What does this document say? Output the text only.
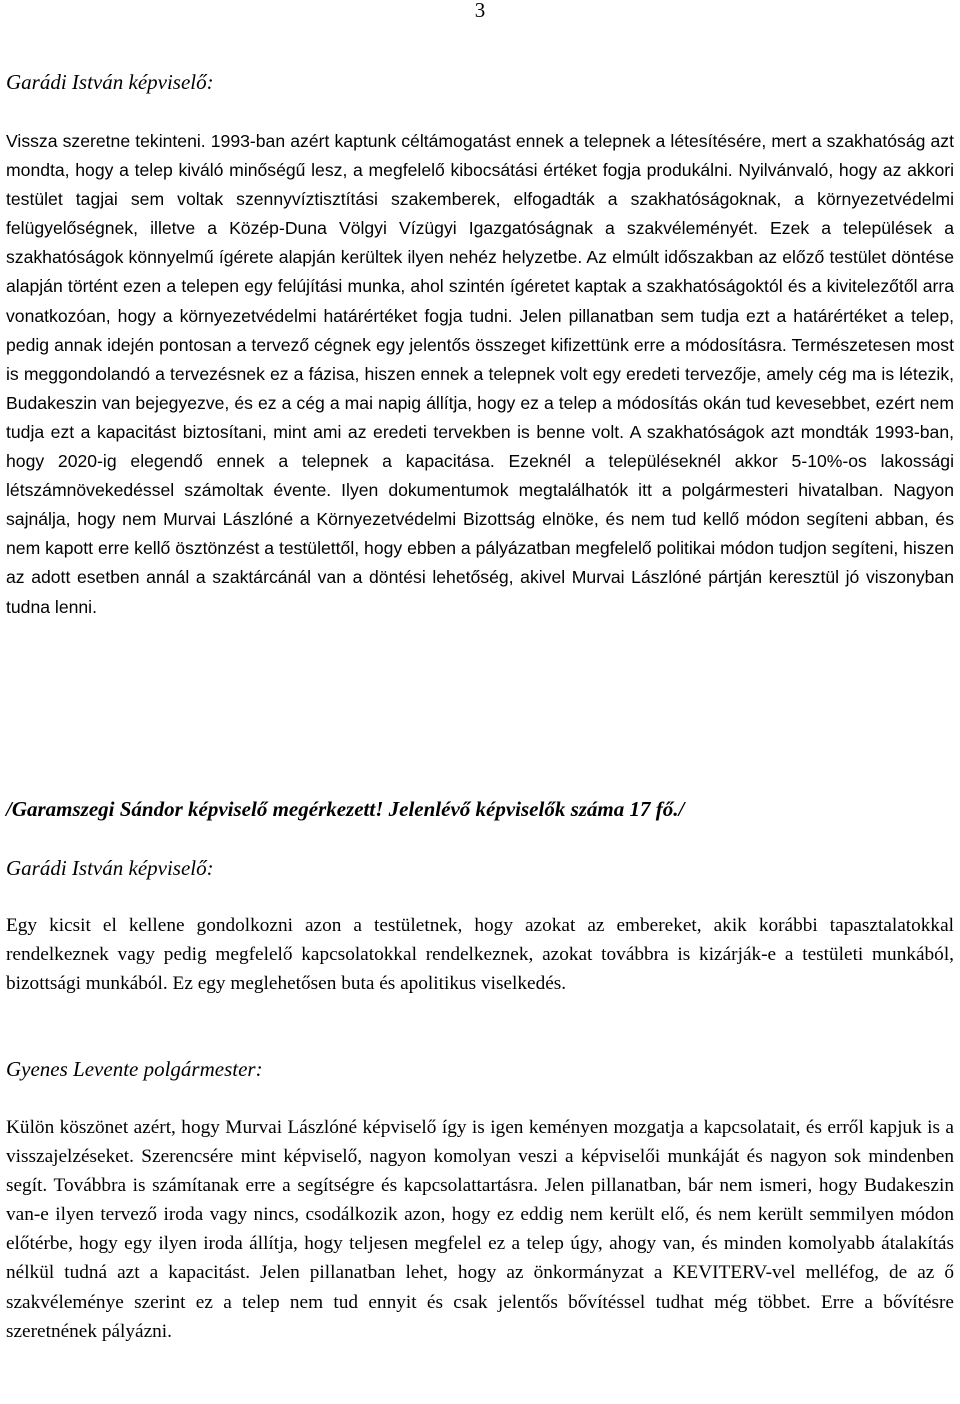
3

Garádi István képviselő:

Vissza szeretne tekinteni. 1993-ban azért kaptunk céltámogatást ennek a telepnek a létesítésére, mert a szakhatóság azt mondta, hogy a telep kiváló minőségű lesz, a megfelelő kibocsátási értéket fogja produkálni. Nyilvánvaló, hogy az akkori testület tagjai sem voltak szennyvíztisztítási szakemberek, elfogadták a szakhatóságoknak, a környezetvédelmi felügyelőségnek, illetve a Közép-Duna Völgyi Vízügyi Igazgatóságnak a szakvéleményét. Ezek a települések a szakhatóságok könnyelmű ígérete alapján kerültek ilyen nehéz helyzetbe. Az elmúlt időszakban az előző testület döntése alapján történt ezen a telepen egy felújítási munka, ahol szintén ígéretet kaptak a szakhatóságoktól és a kivitelezőtől arra vonatkozóan, hogy a környezetvédelmi határértéket fogja tudni. Jelen pillanatban sem tudja ezt a határértéket a telep, pedig annak idején pontosan a tervező cégnek egy jelentős összeget kifizettünk erre a módosításra. Természetesen most is meggondolandó a tervezésnek ez a fázisa, hiszen ennek a telepnek volt egy eredeti tervezője, amely cég ma is létezik, Budakeszin van bejegyezve, és ez a cég a mai napig állítja, hogy ez a telep a módosítás okán tud kevesebbet, ezért nem tudja ezt a kapacitást biztosítani, mint ami az eredeti tervekben is benne volt. A szakhatóságok azt mondták 1993-ban, hogy 2020-ig elegendő ennek a telepnek a kapacitása. Ezeknél a településeknél akkor 5-10%-os lakossági létszámnövekedéssel számoltak évente. Ilyen dokumentumok megtalálhatók itt a polgármesteri hivatalban. Nagyon sajnálja, hogy nem Murvai Lászlóné a Környezetvédelmi Bizottság elnöke, és nem tud kellő módon segíteni abban, és nem kapott erre kellő ösztönzést a testülettől, hogy ebben a pályázatban megfelelő politikai módon tudjon segíteni, hiszen az adott esetben annál a szaktárcánál van a döntési lehetőség, akivel Murvai Lászlóné pártján keresztül jó viszonyban tudna lenni.

/Garamszegi Sándor képviselő megérkezett! Jelenlévő képviselők száma 17 fő./

Garádi István képviselő:

Egy kicsit el kellene gondolkozni azon a testületnek, hogy azokat az embereket, akik korábbi tapasztalatokkal rendelkeznek vagy pedig megfelelő kapcsolatokkal rendelkeznek, azokat továbbra is kizárják-e a testületi munkából, bizottsági munkából. Ez egy meglehetősen buta és apolitikus viselkedés.

Gyenes Levente polgármester:

Külön köszönet azért, hogy Murvai Lászlóné képviselő így is igen keményen mozgatja a kapcsolatait, és erről kapjuk is a visszajelzéseket. Szerencsére mint képviselő, nagyon komolyan veszi a képviselői munkáját és nagyon sok mindenben segít. Továbbra is számítanak erre a segítségre és kapcsolattartásra. Jelen pillanatban, bár nem ismeri, hogy Budakeszin van-e ilyen tervező iroda vagy nincs, csodálkozik azon, hogy ez eddig nem került elő, és nem került semmilyen módon előtérbe, hogy egy ilyen iroda állítja, hogy teljesen megfelel ez a telep úgy, ahogy van, és minden komolyabb átalakítás nélkül tudná azt a kapacitást. Jelen pillanatban lehet, hogy az önkormányzat a KEVITERV-vel melléfog, de az ő szakvéleménye szerint ez a telep nem tud ennyit és csak jelentős bővítéssel tudhat még többet. Erre a bővítésre szeretnének pályázni.
